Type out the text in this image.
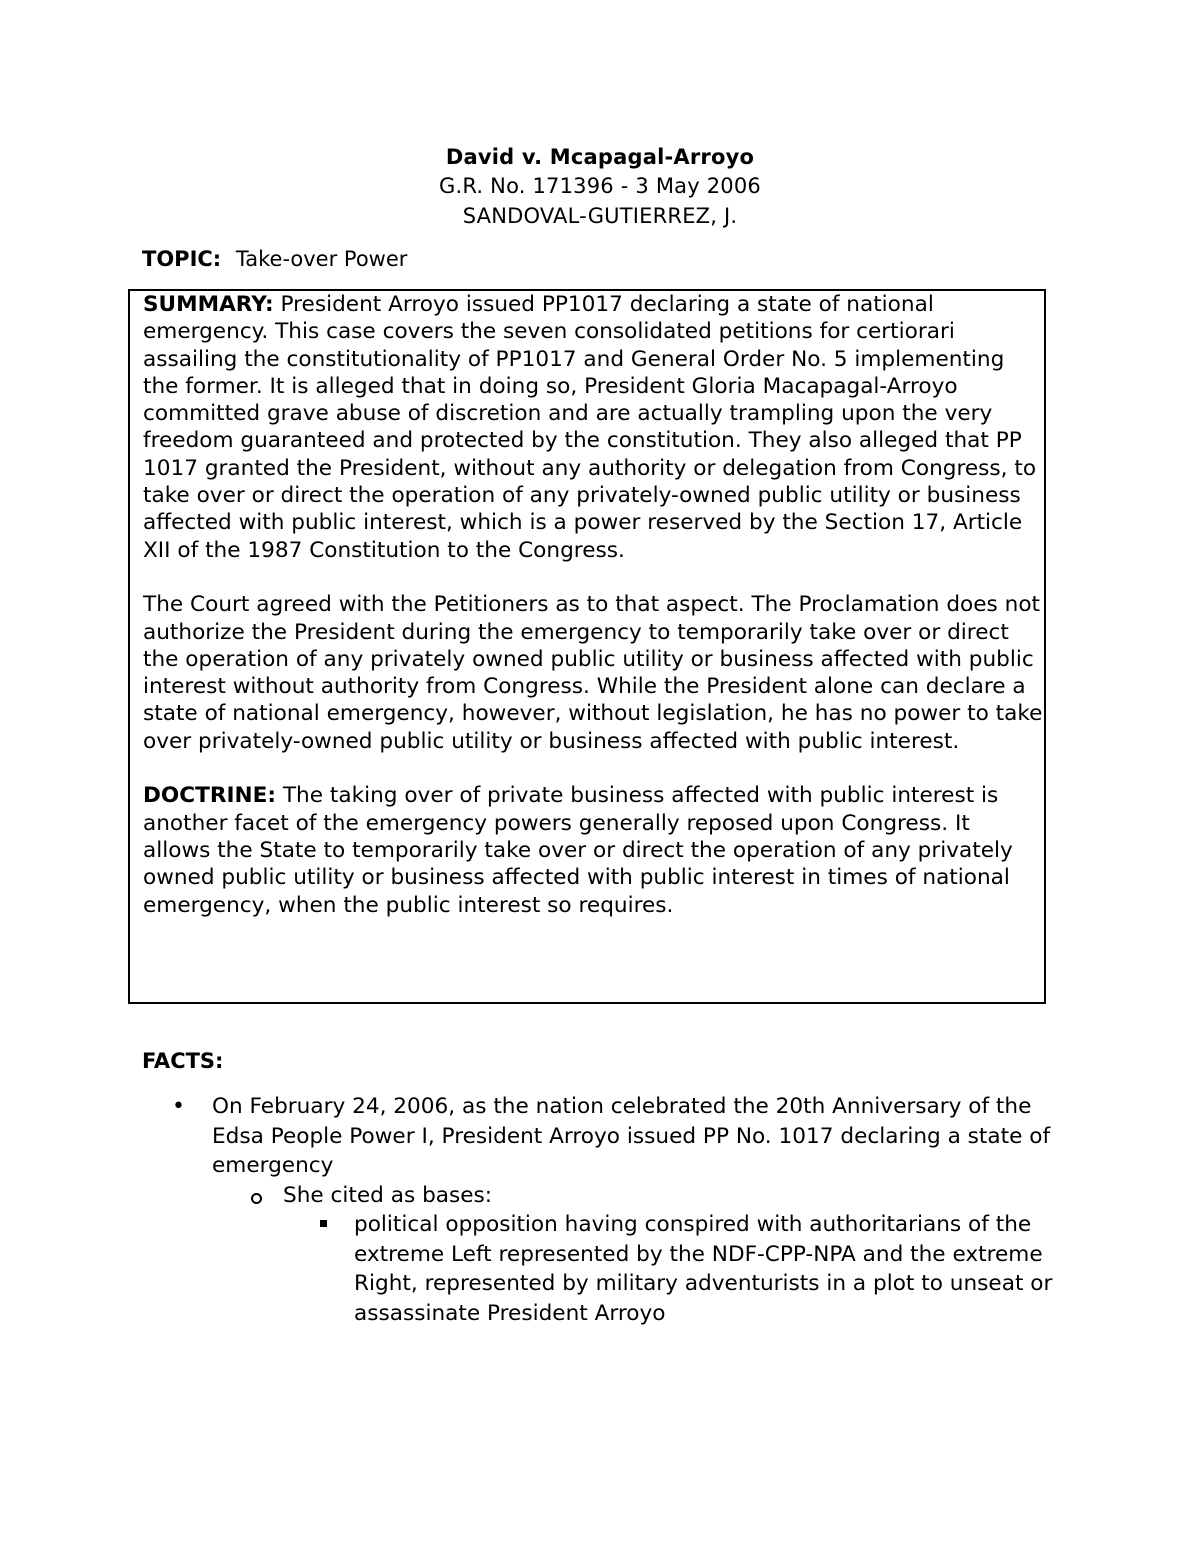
David v. Mcapagal-Arroyo
G.R. No. 171396 - 3 May 2006
SANDOVAL-GUTIERREZ, J.
TOPIC: Take-over Power

SUMMARY: President Arroyo issued PP1017 declaring a state of national emergency. This case covers the seven consolidated petitions for certiorari assailing the constitutionality of PP1017 and General Order No. 5 implementing the former. It is alleged that in doing so, President Gloria Macapagal-Arroyo committed grave abuse of discretion and are actually trampling upon the very freedom guaranteed and protected by the constitution. They also alleged that PP 1017 granted the President, without any authority or delegation from Congress, to take over or direct the operation of any privately-owned public utility or business affected with public interest, which is a power reserved by the Section 17, Article XII of the 1987 Constitution to the Congress.

The Court agreed with the Petitioners as to that aspect. The Proclamation does not authorize the President during the emergency to temporarily take over or direct the operation of any privately owned public utility or business affected with public interest without authority from Congress. While the President alone can declare a state of national emergency, however, without legislation, he has no power to take over privately-owned public utility or business affected with public interest.

DOCTRINE: The taking over of private business affected with public interest is another facet of the emergency powers generally reposed upon Congress. It allows the State to temporarily take over or direct the operation of any privately owned public utility or business affected with public interest in times of national emergency, when the public interest so requires.

FACTS:
• On February 24, 2006, as the nation celebrated the 20th Anniversary of the Edsa People Power I, President Arroyo issued PP No. 1017 declaring a state of emergency
She cited as bases:
political opposition having conspired with authoritarians of the extreme Left represented by the NDF-CPP-NPA and the extreme Right, represented by military adventurists in a plot to unseat or assassinate President Arroyo
